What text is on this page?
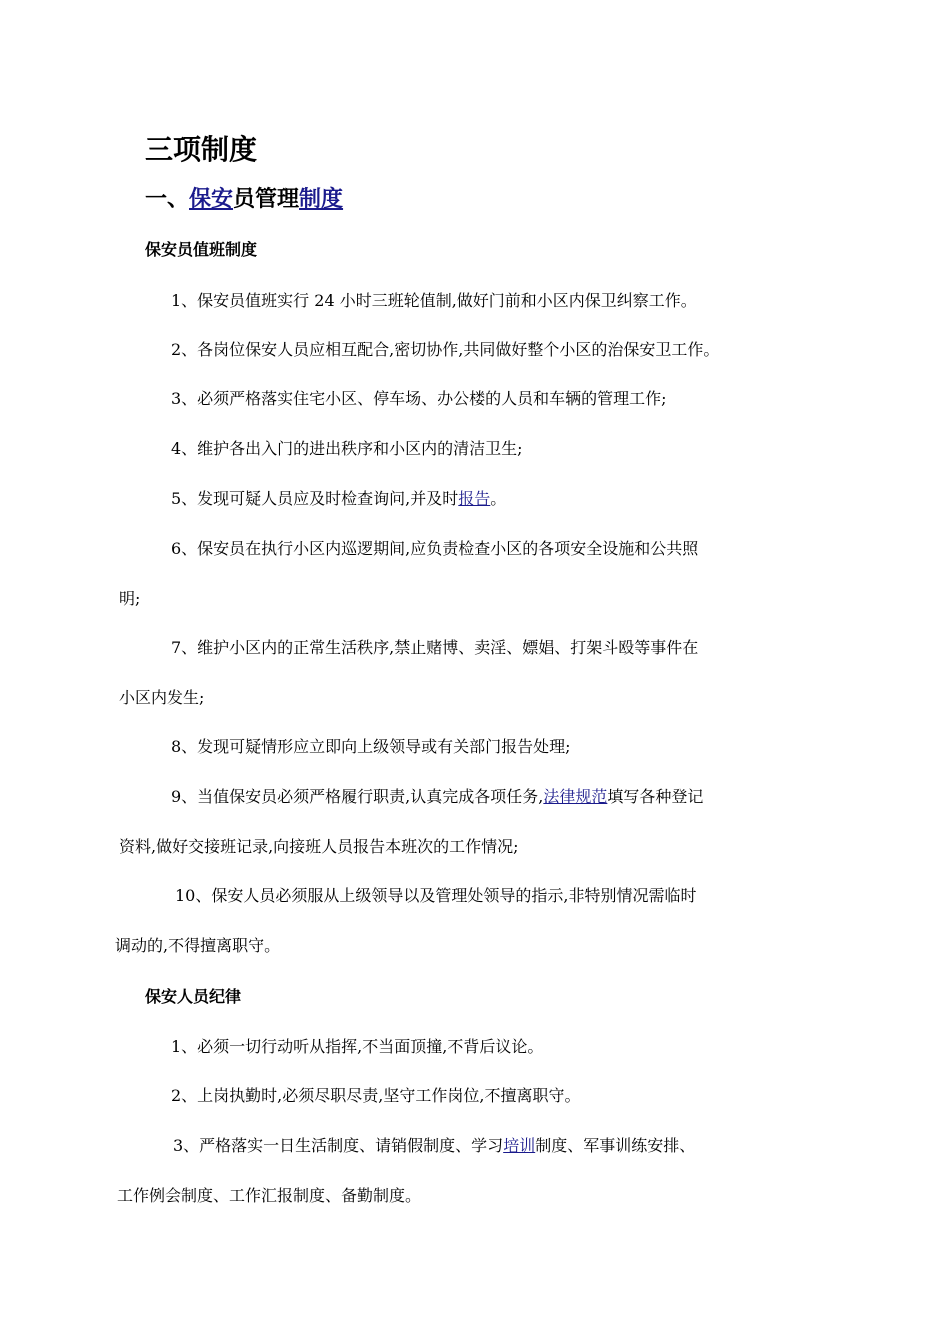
三项制度
一、保安员管理制度
保安员值班制度

1、保安员值班实行 24 小时三班轮值制,做好门前和小区内保卫纠察工作。

2、各岗位保安人员应相互配合,密切协作,共同做好整个小区的治保安卫工作。

3、必须严格落实住宅小区、停车场、办公楼的人员和车辆的管理工作;

4、维护各出入门的进出秩序和小区内的清洁卫生;

5、发现可疑人员应及时检查询问,并及时报告。

6、保安员在执行小区内巡逻期间,应负责检查小区的各项安全设施和公共照
明;
7、维护小区内的正常生活秩序,禁止赌博、卖淫、嫖娼、打架斗殴等事件在
小区内发生;

8、发现可疑情形应立即向上级领导或有关部门报告处理;

9、当值保安员必须严格履行职责,认真完成各项任务,法律规范填写各种登记
资料,做好交接班记录,向接班人员报告本班次的工作情况;
10、保安人员必须服从上级领导以及管理处领导的指示,非特别情况需临时
调动的,不得擅离职守。
保安人员纪律

1、必须一切行动听从指挥,不当面顶撞,不背后议论。

2、上岗执勤时,必须尽职尽责,坚守工作岗位,不擅离职守。

3、严格落实一日生活制度、请销假制度、学习培训制度、军事训练安排、
工作例会制度、工作汇报制度、备勤制度。
